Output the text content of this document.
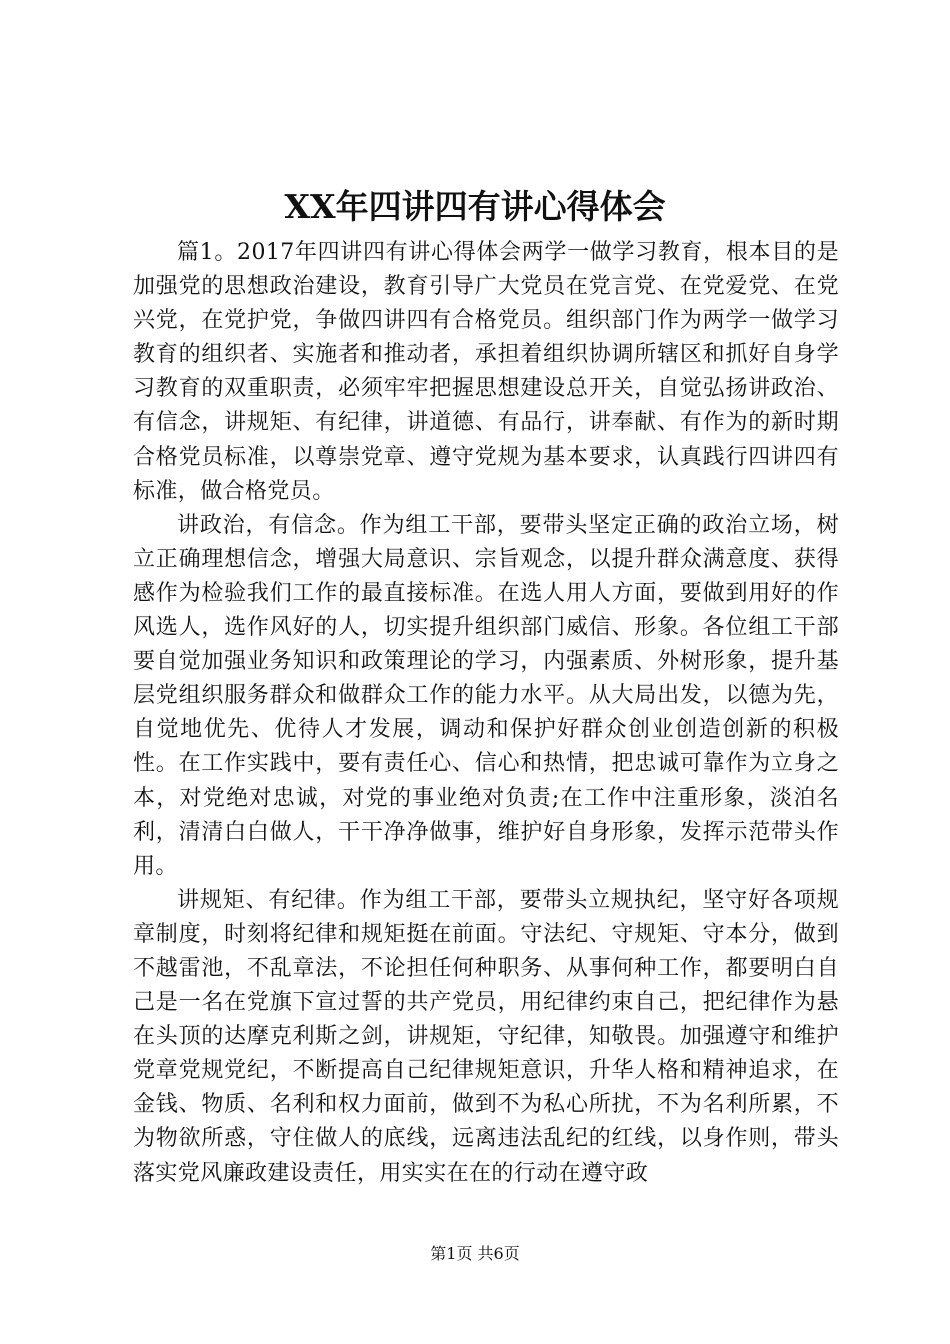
XX年四讲四有讲心得体会

篇1。2017年四讲四有讲心得体会两学一做学习教育，根本目的是加强党的思想政治建设，教育引导广大党员在党言党、在党爱党、在党兴党，在党护党，争做四讲四有合格党员。组织部门作为两学一做学习教育的组织者、实施者和推动者，承担着组织协调所辖区和抓好自身学习教育的双重职责，必须牢牢把握思想建设总开关，自觉弘扬讲政治、有信念，讲规矩、有纪律，讲道德、有品行，讲奉献、有作为的新时期合格党员标准，以尊崇党章、遵守党规为基本要求，认真践行四讲四有标准，做合格党员。

讲政治，有信念。作为组工干部，要带头坚定正确的政治立场，树立正确理想信念，增强大局意识、宗旨观念，以提升群众满意度、获得感作为检验我们工作的最直接标准。在选人用人方面，要做到用好的作风选人，选作风好的人，切实提升组织部门威信、形象。各位组工干部要自觉加强业务知识和政策理论的学习，内强素质、外树形象，提升基层党组织服务群众和做群众工作的能力水平。从大局出发，以德为先，自觉地优先、优待人才发展，调动和保护好群众创业创造创新的积极性。在工作实践中，要有责任心、信心和热情，把忠诚可靠作为立身之本，对党绝对忠诚，对党的事业绝对负责;在工作中注重形象，淡泊名利，清清白白做人，干干净净做事，维护好自身形象，发挥示范带头作用。

讲规矩、有纪律。作为组工干部，要带头立规执纪，坚守好各项规章制度，时刻将纪律和规矩挺在前面。守法纪、守规矩、守本分，做到不越雷池，不乱章法，不论担任何种职务、从事何种工作，都要明白自己是一名在党旗下宣过誓的共产党员，用纪律约束自己，把纪律作为悬在头顶的达摩克利斯之剑，讲规矩，守纪律，知敬畏。加强遵守和维护党章党规党纪，不断提高自己纪律规矩意识，升华人格和精神追求，在金钱、物质、名利和权力面前，做到不为私心所扰，不为名利所累，不为物欲所惑，守住做人的底线，远离违法乱纪的红线，以身作则，带头落实党风廉政建设责任，用实实在在的行动在遵守政

第1页 共6页
